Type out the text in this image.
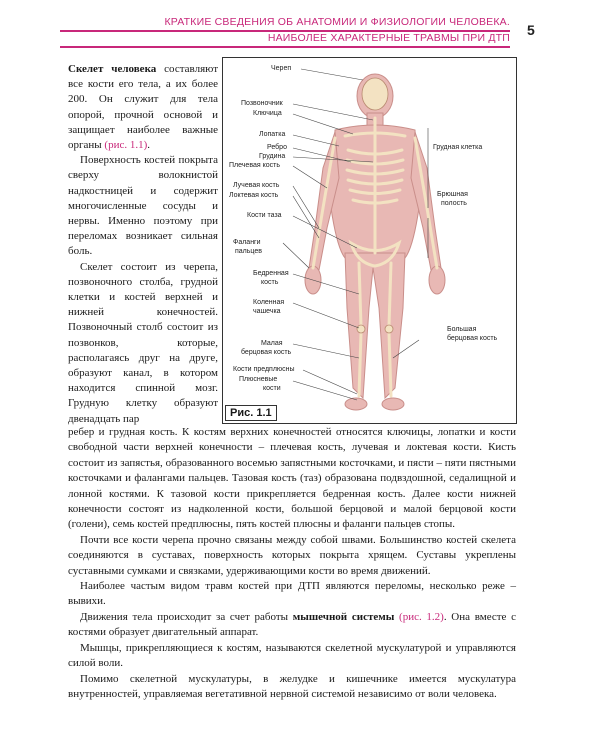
КРАТКИЕ СВЕДЕНИЯ ОБ АНАТОМИИ И ФИЗИОЛОГИИ ЧЕЛОВЕКА.
НАИБОЛЕЕ ХАРАКТЕРНЫЕ ТРАВМЫ ПРИ ДТП 5

Скелет человека составляют все кости его тела, а их более 200. Он служит для тела опорой, прочной основой и защищает наиболее важные органы (рис. 1.1).

Поверхность костей покрыта сверху волокнистой надкостницей и содержит многочисленные сосуды и нервы. Именно поэтому при переломах возникает сильная боль.

Скелет состоит из черепа, позвоночного столба, грудной клетки и костей верхней и нижней конечностей. Позвоночный столб состоит из позвонков, которые, располагаясь друг на друге, образуют канал, в котором находится спинной мозг. Грудную клетку образуют двенадцать пар

Череп
Позвоночник
Ключица
Лопатка
Ребро
Грудина
Плечевая кость
Лучевая кость
Локтевая кость
Кости таза
Фаланги
пальцев
Бедренная
кость
Коленная
чашечка
Малая
берцовая кость
Кости предплюсны
Плюсневые
кости
Грудная клетка
Брюшная
полость
Большая
берцовая кость
Рис. 1.1

ребер и грудная кость. К костям верхних конечностей относятся ключицы, лопатки и кости свободной части верхней конечности – плечевая кость, лучевая и локтевая кости. Кисть состоит из запястья, образованного восемью запястными косточками, и пясти – пяти пястными косточками и фалангами пальцев. Тазовая кость (таз) образована подвздошной, седалищной и лонной костями. К тазовой кости прикрепляется бедренная кость. Далее кости нижней конечности состоят из надколенной кости, большой берцовой и малой берцовой кости (голени), семь костей предплюсны, пять костей плюсны и фаланги пальцев стопы.

Почти все кости черепа прочно связаны между собой швами. Большинство костей скелета соединяются в суставах, поверхность которых покрыта хрящем. Суставы укреплены суставными сумками и связками, удерживающими кости во время движений.

Наиболее частым видом травм костей при ДТП являются переломы, несколько реже – вывихи.

Движения тела происходит за счет работы мышечной системы (рис. 1.2). Она вместе с костями образует двигательный аппарат.

Мышцы, прикрепляющиеся к костям, называются скелетной мускулатурой и управляются силой воли.

Помимо скелетной мускулатуры, в желудке и кишечнике имеется мускулатура внутренностей, управляемая вегетативной нервной системой независимо от воли человека.
